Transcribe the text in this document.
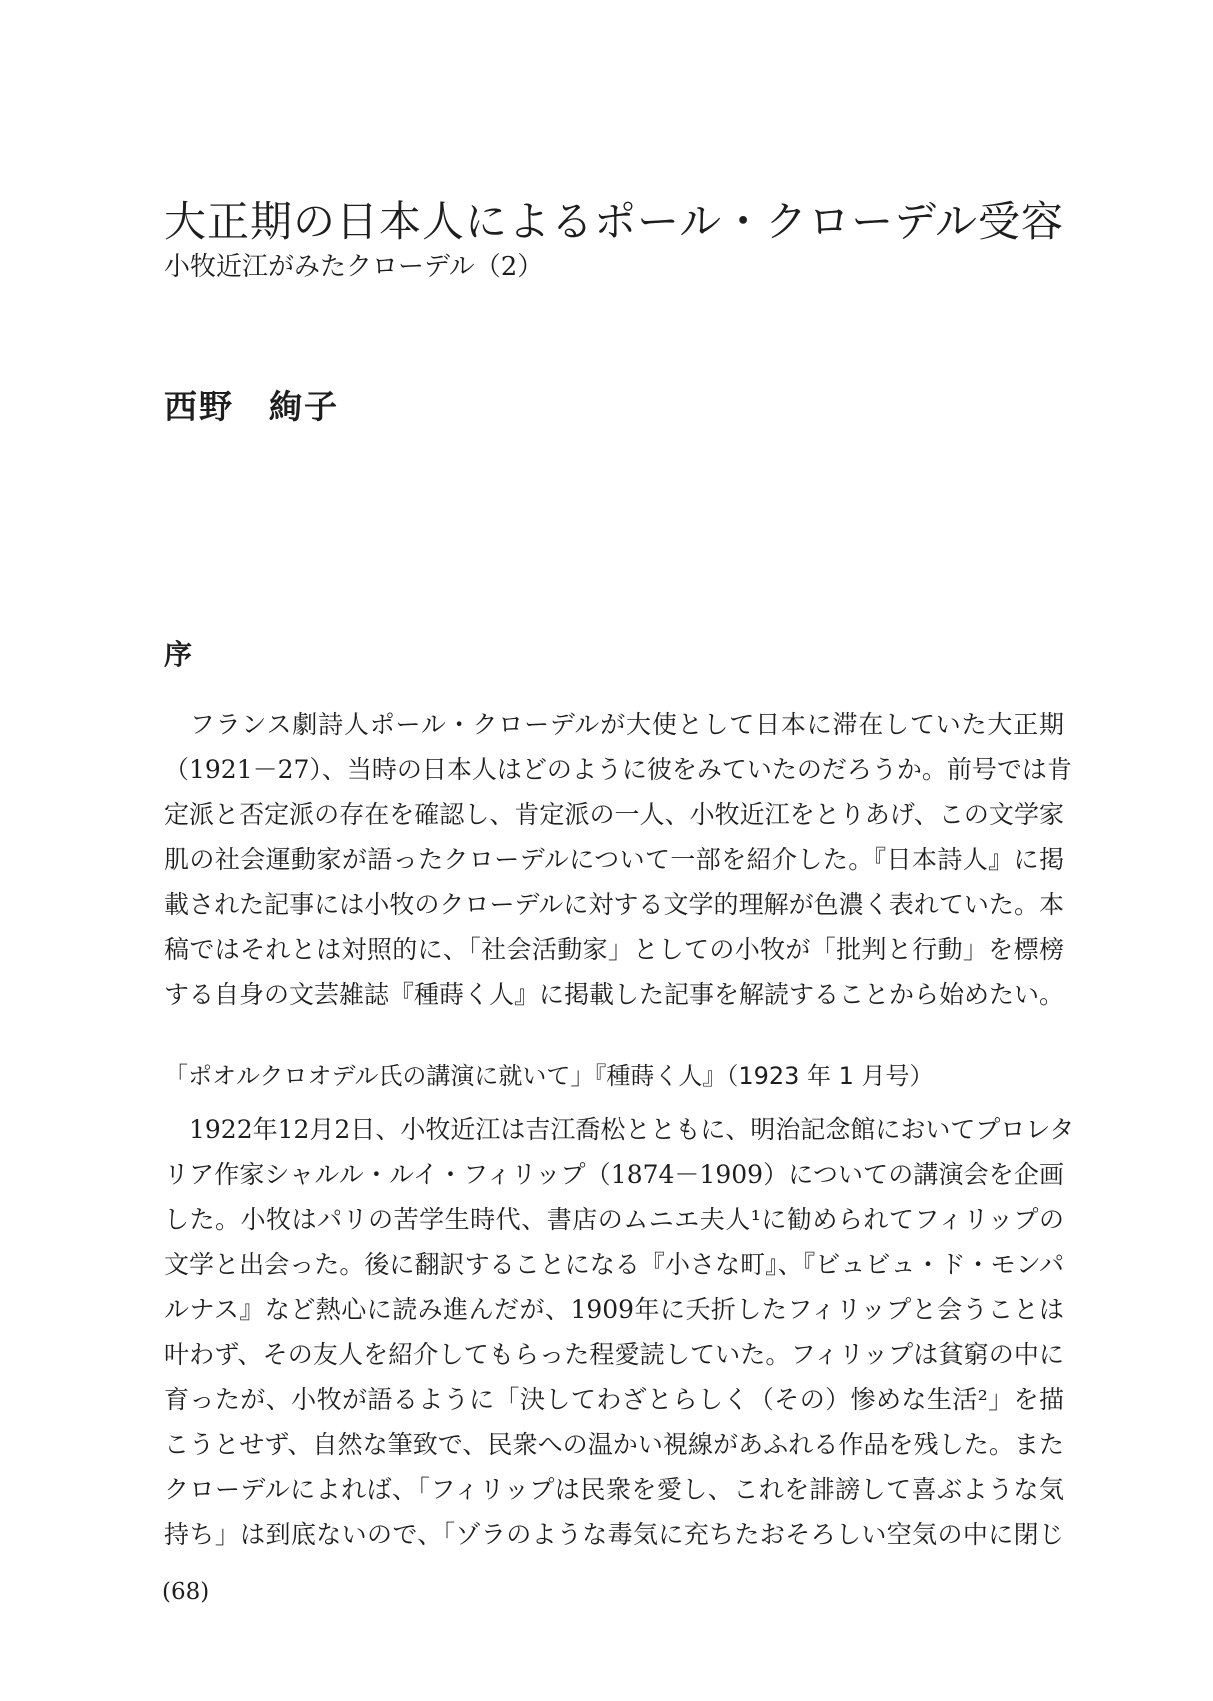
大正期の日本人によるポール・クローデル受容
小牧近江がみたクローデル（2）
西野　絢子
序
　フランス劇詩人ポール・クローデルが大使として日本に滞在していた大正期
（1921－27）、当時の日本人はどのように彼をみていたのだろうか。前号では肯
定派と否定派の存在を確認し、肯定派の一人、小牧近江をとりあげ、この文学家
肌の社会運動家が語ったクローデルについて一部を紹介した。『日本詩人』に掲
載された記事には小牧のクローデルに対する文学的理解が色濃く表れていた。本
稿ではそれとは対照的に、「社会活動家」としての小牧が「批判と行動」を標榜
する自身の文芸雑誌『種蒔く人』に掲載した記事を解読することから始めたい。
「ポオルクロオデル氏の講演に就いて」『種蒔く人』（1923 年 1 月号）
　1922年12月2日、小牧近江は吉江喬松とともに、明治記念館においてプロレタ
リア作家シャルル・ルイ・フィリップ（1874－1909）についての講演会を企画
した。小牧はパリの苦学生時代、書店のムニエ夫人¹に勧められてフィリップの
文学と出会った。後に翻訳することになる『小さな町』、『ビュビュ・ド・モンパ
ルナス』など熱心に読み進んだが、1909年に夭折したフィリップと会うことは
叶わず、その友人を紹介してもらった程愛読していた。フィリップは貧窮の中に
育ったが、小牧が語るように「決してわざとらしく（その）惨めな生活²」を描
こうとせず、自然な筆致で、民衆への温かい視線があふれる作品を残した。また
クローデルによれば、「フィリップは民衆を愛し、これを誹謗して喜ぶような気
持ち」は到底ないので、「ゾラのような毒気に充ちたおそろしい空気の中に閉じ
(68)
